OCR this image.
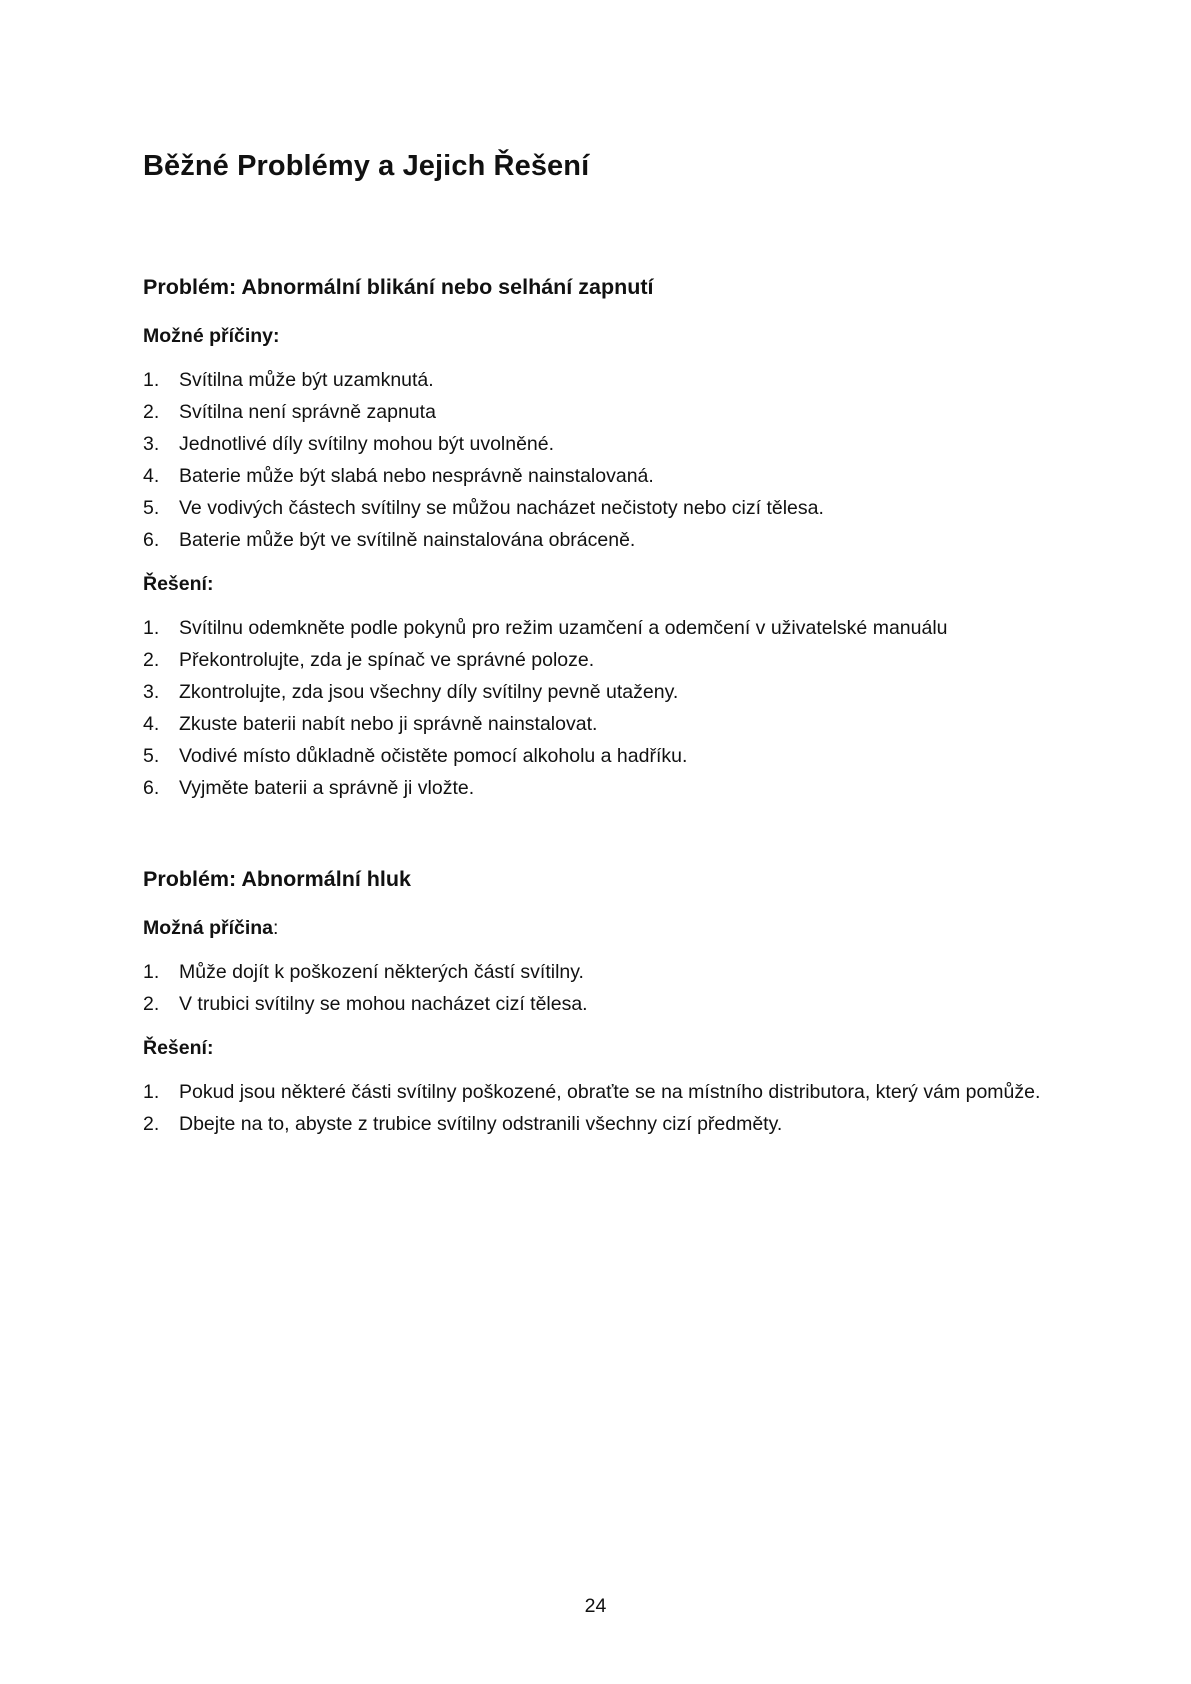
Běžné Problémy a Jejich Řešení
Problém: Abnormální blikání nebo selhání zapnutí
Možné příčiny:
1. Svítilna může být uzamknutá.
2. Svítilna není správně zapnuta
3. Jednotlivé díly svítilny mohou být uvolněné.
4. Baterie může být slabá nebo nesprávně nainstalovaná.
5. Ve vodivých částech svítilny se můžou nacházet nečistoty nebo cizí tělesa.
6. Baterie může být ve svítilně nainstalována obráceně.
Řešení:
1. Svítilnu odemkněte podle pokynů pro režim uzamčení a odemčení v uživatelské manuálu
2. Překontrolujte, zda je spínač ve správné poloze.
3. Zkontrolujte, zda jsou všechny díly svítilny pevně utaženy.
4. Zkuste baterii nabít nebo ji správně nainstalovat.
5. Vodivé místo důkladně očistěte pomocí alkoholu a hadříku.
6. Vyjměte baterii a správně ji vložte.
Problém: Abnormální hluk
Možná příčina:
1. Může dojít k poškození některých částí svítilny.
2. V trubici svítilny se mohou nacházet cizí tělesa.
Řešení:
1. Pokud jsou některé části svítilny poškozené, obraťte se na místního distributora, který vám pomůže.
2. Dbejte na to, abyste z trubice svítilny odstranili všechny cizí předměty.
24
